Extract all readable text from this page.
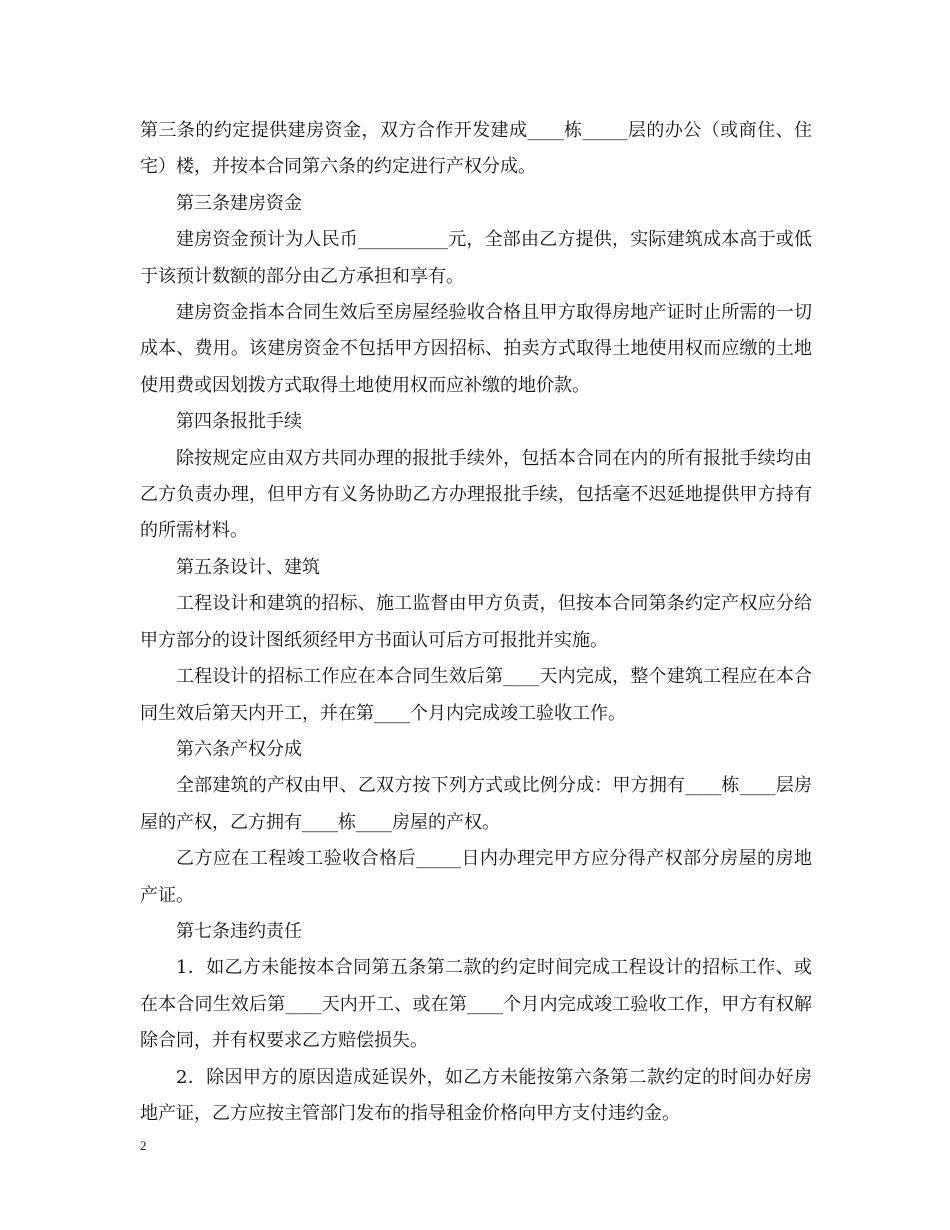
第三条的约定提供建房资金，双方合作开发建成____栋_____层的办公（或商住、住宅）楼，并按本合同第六条的约定进行产权分成。

第三条建房资金

建房资金预计为人民币__________元，全部由乙方提供，实际建筑成本高于或低于该预计数额的部分由乙方承担和享有。

建房资金指本合同生效后至房屋经验收合格且甲方取得房地产证时止所需的一切成本、费用。该建房资金不包括甲方因招标、拍卖方式取得土地使用权而应缴的土地使用费或因划拨方式取得土地使用权而应补缴的地价款。

第四条报批手续

除按规定应由双方共同办理的报批手续外，包括本合同在内的所有报批手续均由乙方负责办理，但甲方有义务协助乙方办理报批手续，包括毫不迟延地提供甲方持有的所需材料。

第五条设计、建筑

工程设计和建筑的招标、施工监督由甲方负责，但按本合同第条约定产权应分给甲方部分的设计图纸须经甲方书面认可后方可报批并实施。

工程设计的招标工作应在本合同生效后第____天内完成，整个建筑工程应在本合同生效后第天内开工，并在第____个月内完成竣工验收工作。

第六条产权分成

全部建筑的产权由甲、乙双方按下列方式或比例分成：甲方拥有____栋____层房屋的产权，乙方拥有____栋____房屋的产权。

乙方应在工程竣工验收合格后_____日内办理完甲方应分得产权部分房屋的房地产证。

第七条违约责任

1．如乙方未能按本合同第五条第二款的约定时间完成工程设计的招标工作、或在本合同生效后第____天内开工、或在第____个月内完成竣工验收工作，甲方有权解除合同，并有权要求乙方赔偿损失。

2．除因甲方的原因造成延误外，如乙方未能按第六条第二款约定的时间办好房地产证，乙方应按主管部门发布的指导租金价格向甲方支付违约金。

2
